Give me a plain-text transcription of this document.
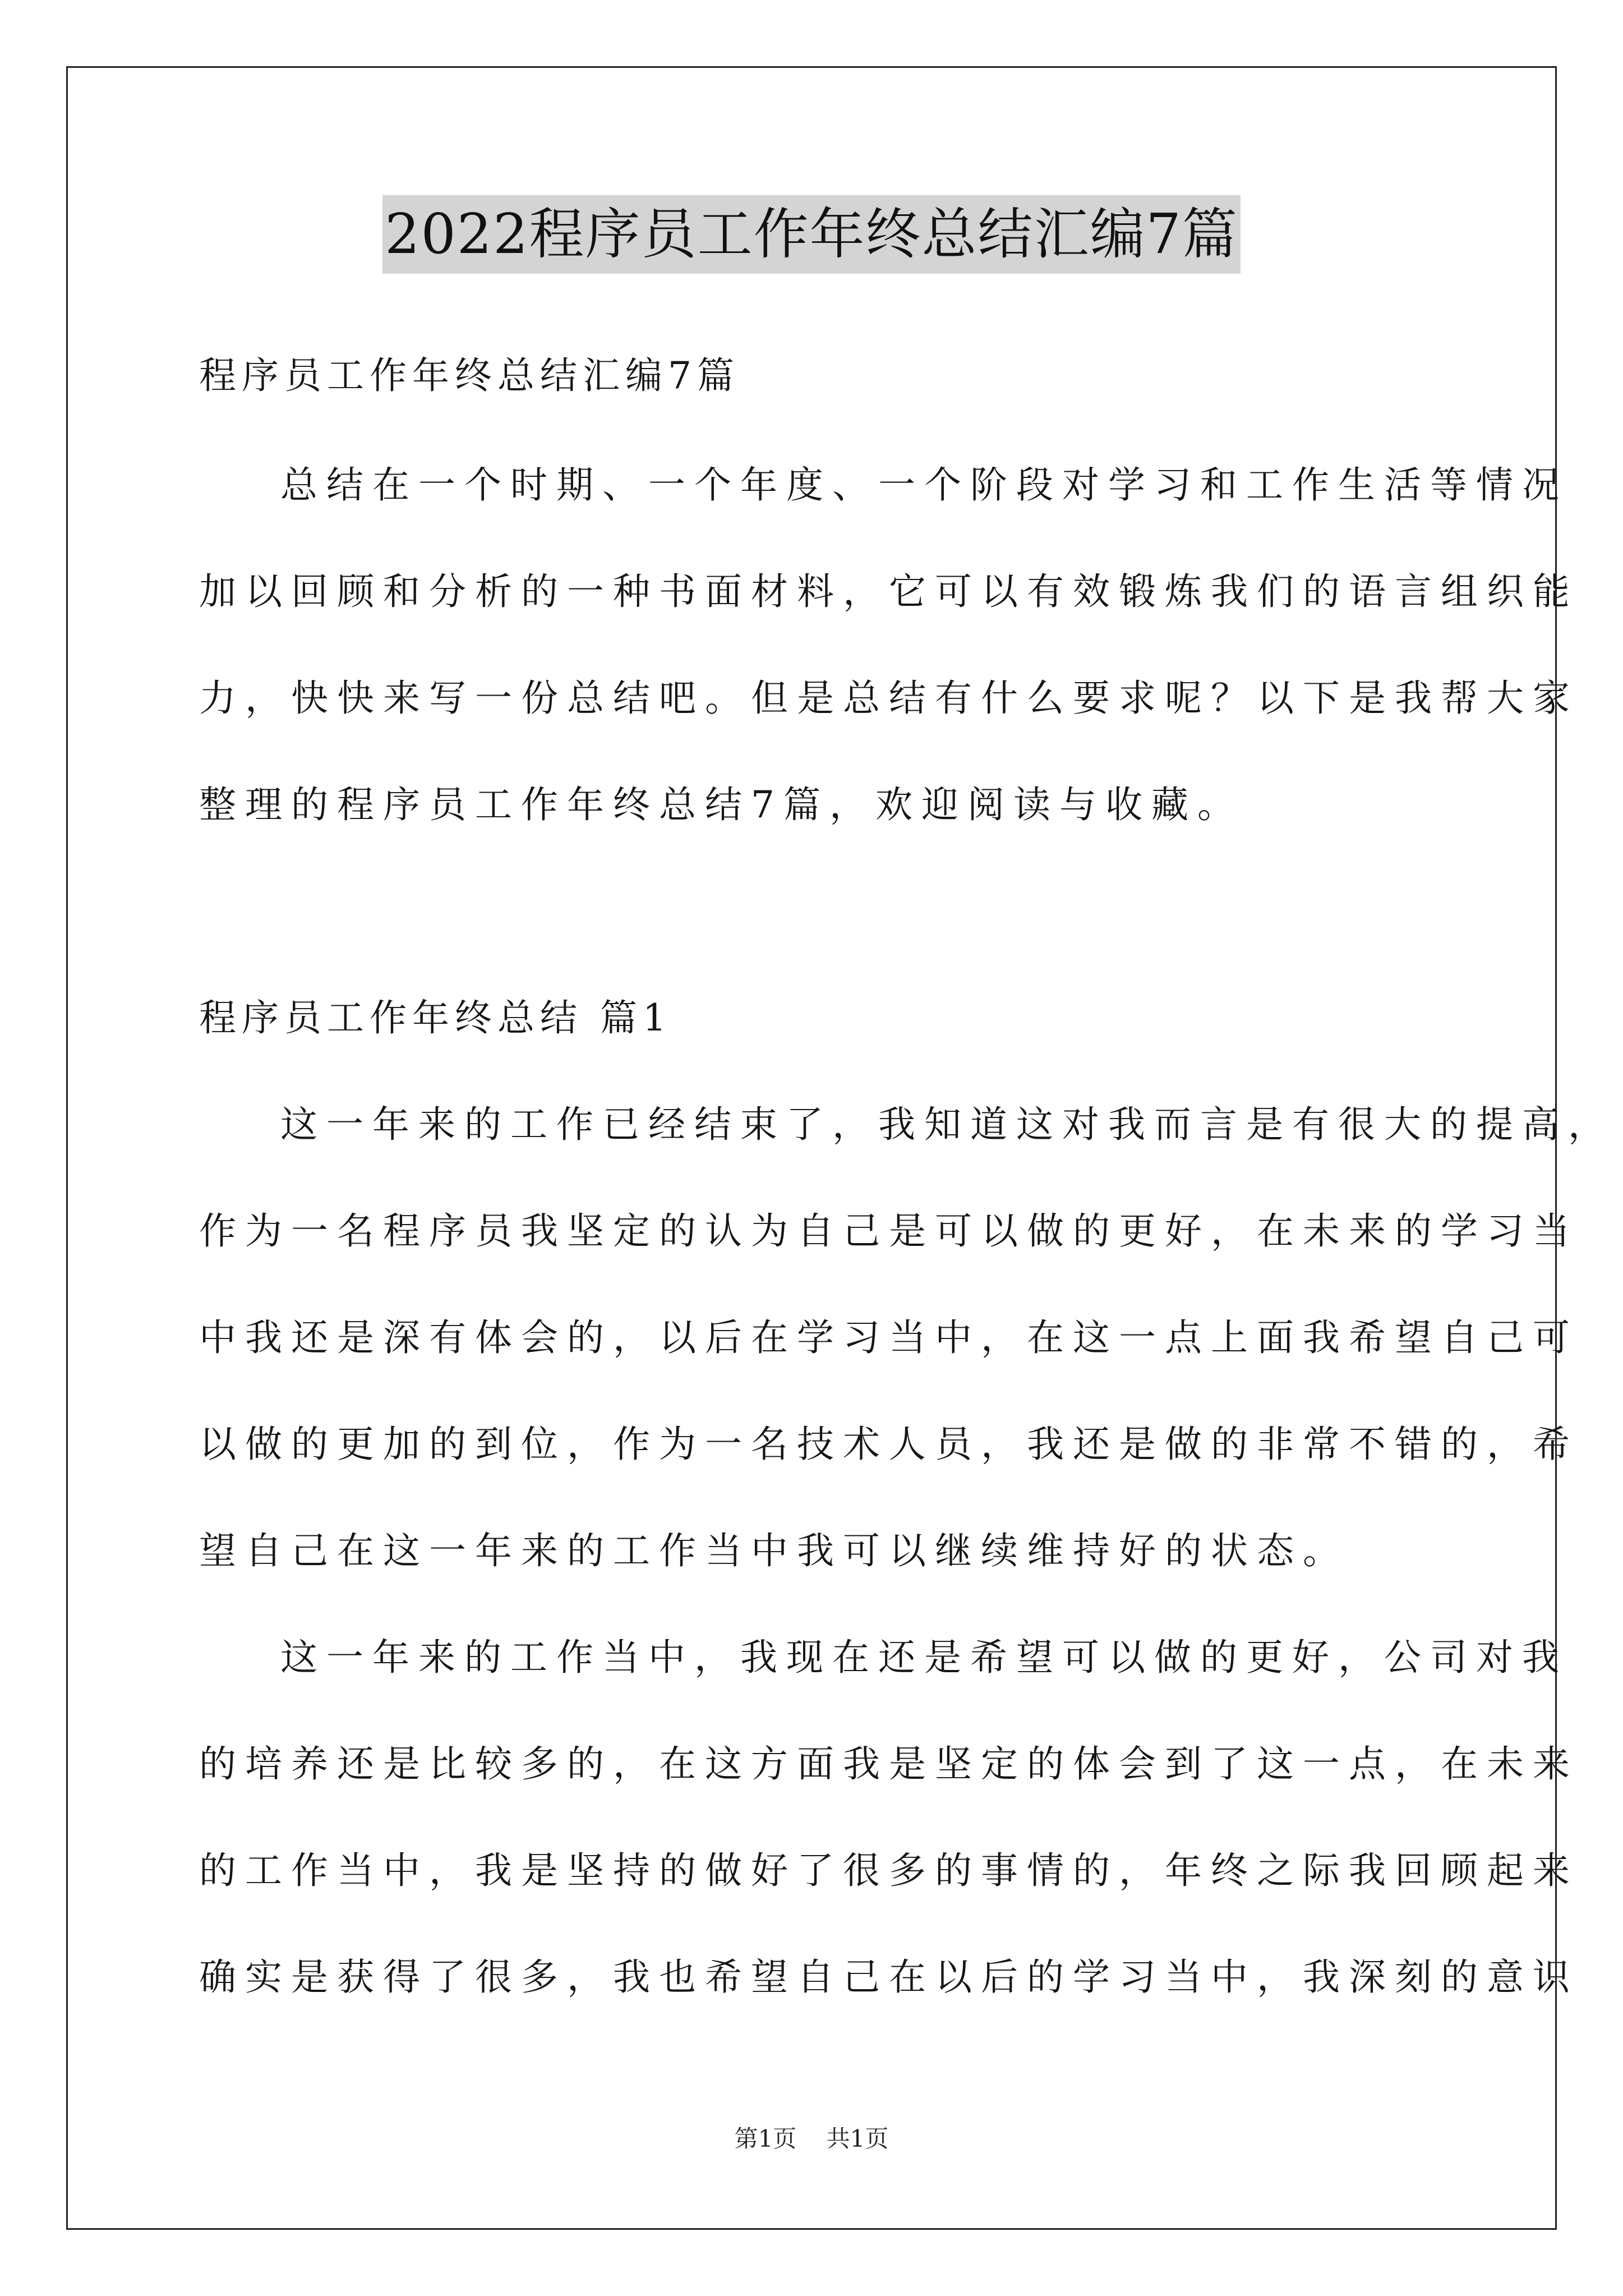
2022程序员工作年终总结汇编7篇
程序员工作年终总结汇编7篇
总结在一个时期、一个年度、一个阶段对学习和工作生活等情况
加以回顾和分析的一种书面材料，它可以有效锻炼我们的语言组织能
力，快快来写一份总结吧。但是总结有什么要求呢？以下是我帮大家
整理的程序员工作年终总结7篇，欢迎阅读与收藏。
程序员工作年终总结 篇1
这一年来的工作已经结束了，我知道这对我而言是有很大的提高，
作为一名程序员我坚定的认为自己是可以做的更好，在未来的学习当
中我还是深有体会的，以后在学习当中，在这一点上面我希望自己可
以做的更加的到位，作为一名技术人员，我还是做的非常不错的，希
望自己在这一年来的工作当中我可以继续维持好的状态。
这一年来的工作当中，我现在还是希望可以做的更好，公司对我
的培养还是比较多的，在这方面我是坚定的体会到了这一点，在未来
的工作当中，我是坚持的做好了很多的事情的，年终之际我回顾起来
确实是获得了很多，我也希望自己在以后的学习当中，我深刻的意识
第1页 共1页
